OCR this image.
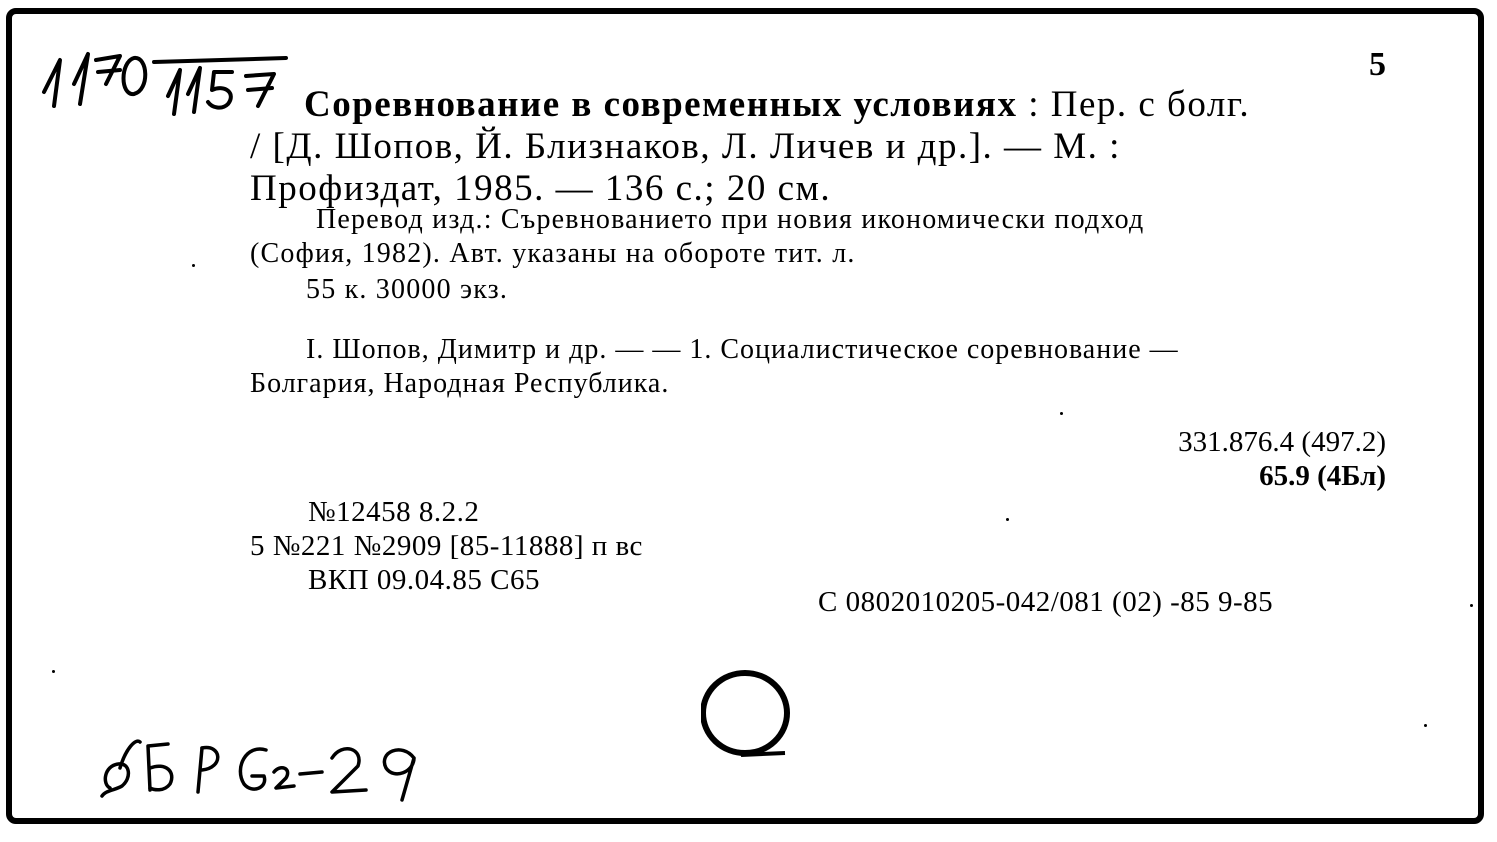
5

Соревнование в современных условиях : Пер. с болг.

/ [Д. Шопов, Й. Близнаков, Л. Личев и др.]. — М. :

Профиздат, 1985. — 136 с.; 20 см.

Перевод изд.: Съревнованието при новия икономически подход

(София, 1982). Авт. указаны на обороте тит. л.

55 к. 30000 экз.

I. Шопов, Димитр и др. — — 1. Социалистическое соревнование —

Болгария, Народная Республика.

331.876.4 (497.2)

65.9 (4Бл)

№12458 8.2.2

5 №221 №2909 [85-11888] п вс

ВКП 09.04.85 С65

С 0802010205-042/081 (02) -85 9-85
